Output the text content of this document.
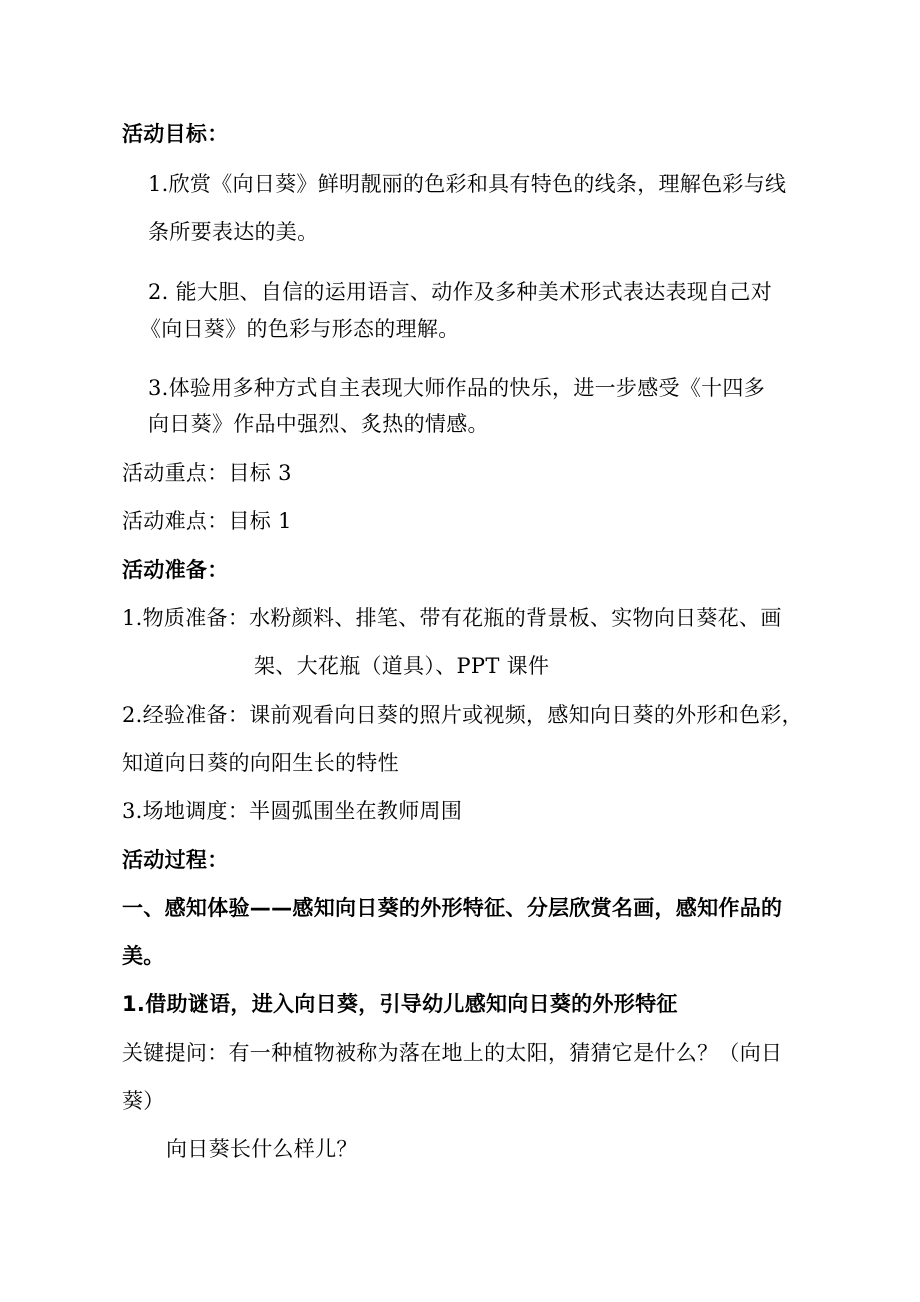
活动目标：
1.欣赏《向日葵》鲜明靓丽的色彩和具有特色的线条，理解色彩与线
条所要表达的美。
2. 能大胆、自信的运用语言、动作及多种美术形式表达表现自己对
《向日葵》的色彩与形态的理解。
3.体验用多种方式自主表现大师作品的快乐，进一步感受《十四多
向日葵》作品中强烈、炙热的情感。
活动重点：目标 3
活动难点：目标 1
活动准备：
1.物质准备：水粉颜料、排笔、带有花瓶的背景板、实物向日葵花、画
架、大花瓶（道具）、PPT 课件
2.经验准备：课前观看向日葵的照片或视频，感知向日葵的外形和色彩，
知道向日葵的向阳生长的特性
3.场地调度：半圆弧围坐在教师周围
活动过程：
一、感知体验——感知向日葵的外形特征、分层欣赏名画，感知作品的
美。
1.借助谜语，进入向日葵，引导幼儿感知向日葵的外形特征
关键提问：有一种植物被称为落在地上的太阳，猜猜它是什么？（向日
葵）
向日葵长什么样儿？
